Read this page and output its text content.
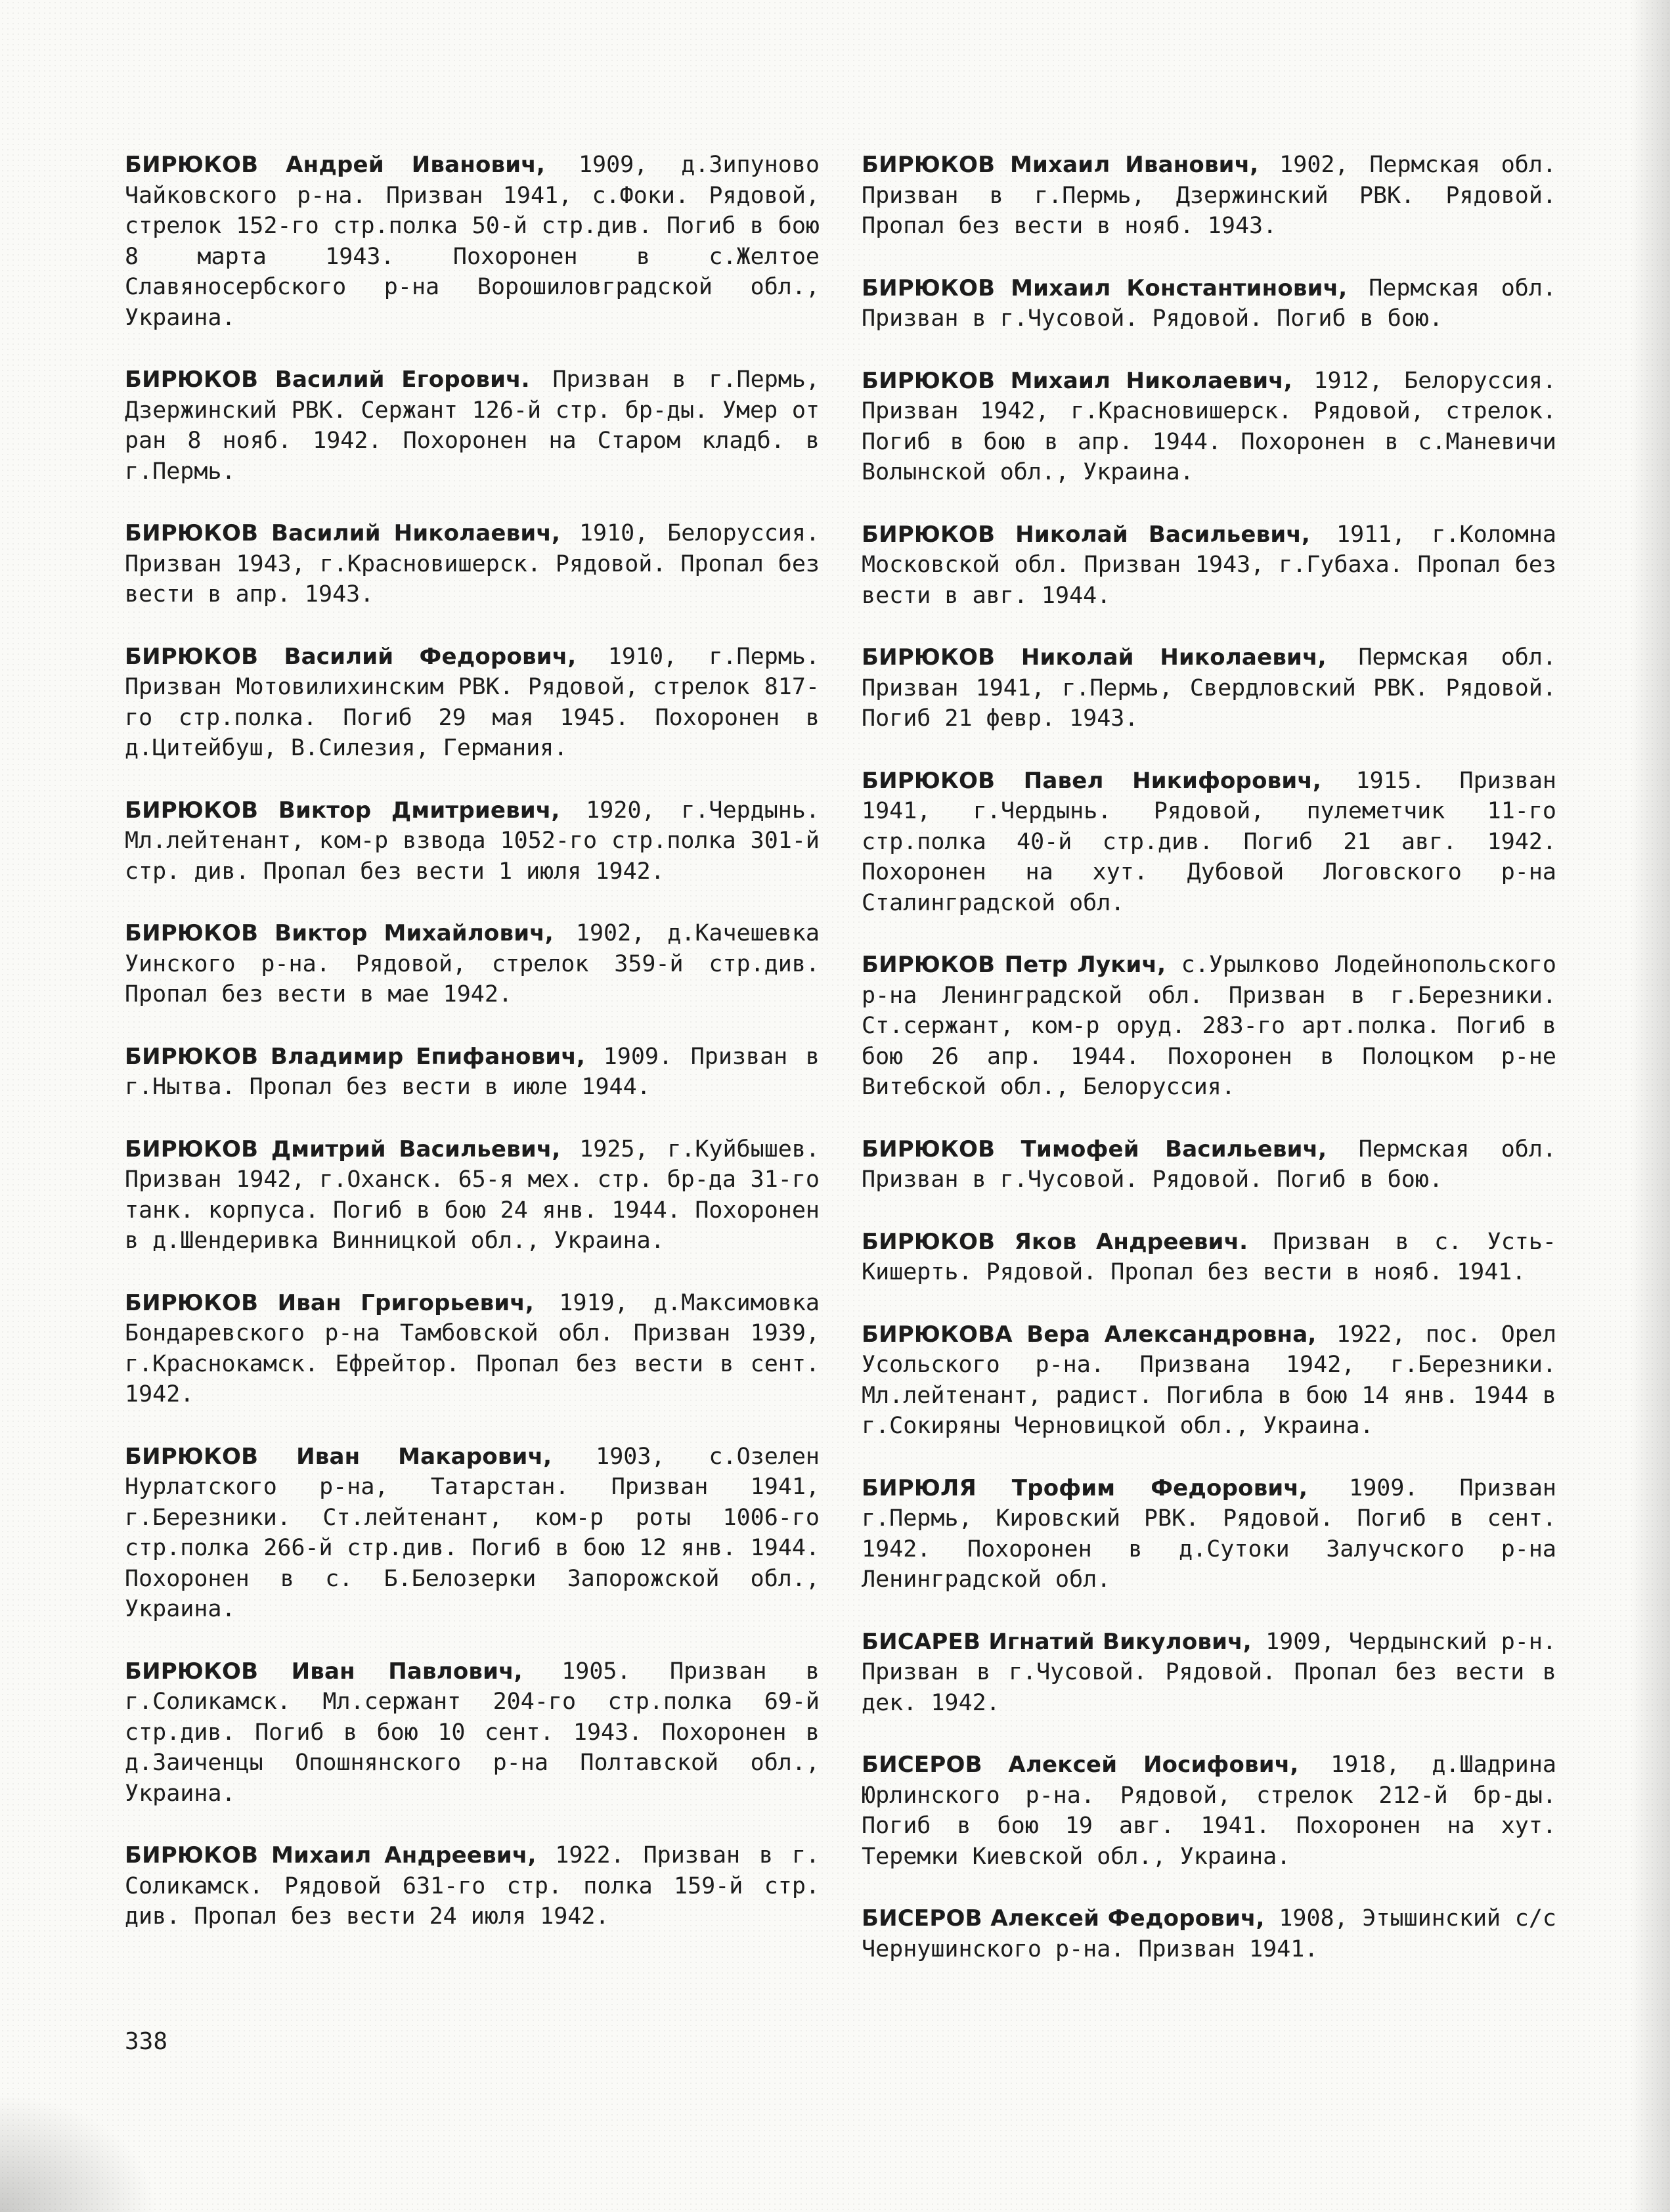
БИРЮКОВ Андрей Иванович, 1909, д.Зипуново Чайковского р-на. Призван 1941, с.Фоки. Рядовой, стрелок 152-го стр.полка 50-й стр.див. Погиб в бою 8 марта 1943. Похоронен в с.Желтое Славяносербского р-на Ворошиловградской обл., Украина.

БИРЮКОВ Василий Егорович. Призван в г.Пермь, Дзержинский РВК. Сержант 126-й стр. бр-ды. Умер от ран 8 нояб. 1942. Похоронен на Старом кладб. в г.Пермь.

БИРЮКОВ Василий Николаевич, 1910, Белоруссия. Призван 1943, г.Красновишерск. Рядовой. Пропал без вести в апр. 1943.

БИРЮКОВ Василий Федорович, 1910, г.Пермь. Призван Мотовилихинским РВК. Рядовой, стрелок 817-го стр.полка. Погиб 29 мая 1945. Похоронен в д.Цитейбуш, В.Силезия, Германия.

БИРЮКОВ Виктор Дмитриевич, 1920, г.Чердынь. Мл.лейтенант, ком-р взвода 1052-го стр.полка 301-й стр. див. Пропал без вести 1 июля 1942.

БИРЮКОВ Виктор Михайлович, 1902, д.Качешевка Уинского р-на. Рядовой, стрелок 359-й стр.див. Пропал без вести в мае 1942.

БИРЮКОВ Владимир Епифанович, 1909. Призван в г.Нытва. Пропал без вести в июле 1944.

БИРЮКОВ Дмитрий Васильевич, 1925, г.Куйбышев. Призван 1942, г.Оханск. 65-я мех. стр. бр-да 31-го танк. корпуса. Погиб в бою 24 янв. 1944. Похоронен в д.Шендеривка Винницкой обл., Украина.

БИРЮКОВ Иван Григорьевич, 1919, д.Максимовка Бондаревского р-на Тамбовской обл. Призван 1939, г.Краснокамск. Ефрейтор. Пропал без вести в сент. 1942.

БИРЮКОВ Иван Макарович, 1903, с.Озелен Нурлатского р-на, Татарстан. Призван 1941, г.Березники. Ст.лейтенант, ком-р роты 1006-го стр.полка 266-й стр.див. Погиб в бою 12 янв. 1944. Похоронен в с. Б.Белозерки Запорожской обл., Украина.

БИРЮКОВ Иван Павлович, 1905. Призван в г.Соликамск. Мл.сержант 204-го стр.полка 69-й стр.див. Погиб в бою 10 сент. 1943. Похоронен в д.Заиченцы Опошнянского р-на Полтавской обл., Украина.

БИРЮКОВ Михаил Андреевич, 1922. Призван в г. Соликамск. Рядовой 631-го стр. полка 159-й стр. див. Пропал без вести 24 июля 1942.

БИРЮКОВ Михаил Иванович, 1902, Пермская обл. Призван в г.Пермь, Дзержинский РВК. Рядовой. Пропал без вести в нояб. 1943.

БИРЮКОВ Михаил Константинович, Пермская обл. Призван в г.Чусовой. Рядовой. Погиб в бою.

БИРЮКОВ Михаил Николаевич, 1912, Белоруссия. Призван 1942, г.Красновишерск. Рядовой, стрелок. Погиб в бою в апр. 1944. Похоронен в с.Маневичи Волынской обл., Украина.

БИРЮКОВ Николай Васильевич, 1911, г.Коломна Московской обл. Призван 1943, г.Губаха. Пропал без вести в авг. 1944.

БИРЮКОВ Николай Николаевич, Пермская обл. Призван 1941, г.Пермь, Свердловский РВК. Рядовой. Погиб 21 февр. 1943.

БИРЮКОВ Павел Никифорович, 1915. Призван 1941, г.Чердынь. Рядовой, пулеметчик 11-го стр.полка 40-й стр.див. Погиб 21 авг. 1942. Похоронен на хут. Дубовой Логовского р-на Сталинградской обл.

БИРЮКОВ Петр Лукич, с.Урылково Лодейнопольского р-на Ленинградской обл. Призван в г.Березники. Ст.сержант, ком-р оруд. 283-го арт.полка. Погиб в бою 26 апр. 1944. Похоронен в Полоцком р-не Витебской обл., Белоруссия.

БИРЮКОВ Тимофей Васильевич, Пермская обл. Призван в г.Чусовой. Рядовой. Погиб в бою.

БИРЮКОВ Яков Андреевич. Призван в с. Усть-Кишерть. Рядовой. Пропал без вести в нояб. 1941.

БИРЮКОВА Вера Александровна, 1922, пос. Орел Усольского р-на. Призвана 1942, г.Березники. Мл.лейтенант, радист. Погибла в бою 14 янв. 1944 в г.Сокиряны Черновицкой обл., Украина.

БИРЮЛЯ Трофим Федорович, 1909. Призван г.Пермь, Кировский РВК. Рядовой. Погиб в сент. 1942. Похоронен в д.Сутоки Залучского р-на Ленинградской обл.

БИСАРЕВ Игнатий Викулович, 1909, Чердынский р-н. Призван в г.Чусовой. Рядовой. Пропал без вести в дек. 1942.

БИСЕРОВ Алексей Иосифович, 1918, д.Шадрина Юрлинского р-на. Рядовой, стрелок 212-й бр-ды. Погиб в бою 19 авг. 1941. Похоронен на хут. Теремки Киевской обл., Украина.

БИСЕРОВ Алексей Федорович, 1908, Этышинский с/с Чернушинского р-на. Призван 1941.

338
